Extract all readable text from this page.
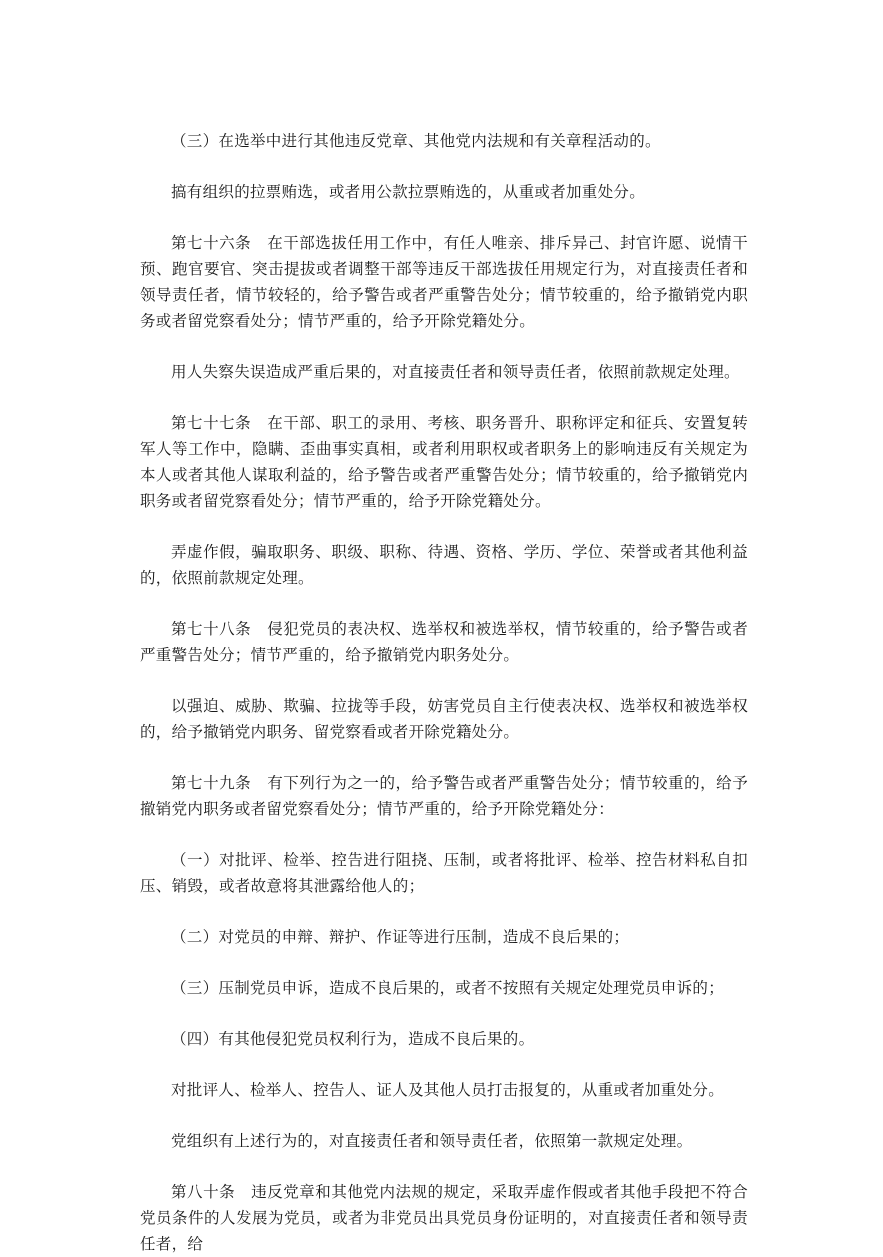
（三）在选举中进行其他违反党章、其他党内法规和有关章程活动的。

搞有组织的拉票贿选，或者用公款拉票贿选的，从重或者加重处分。

第七十六条　在干部选拔任用工作中，有任人唯亲、排斥异己、封官许愿、说情干预、跑官要官、突击提拔或者调整干部等违反干部选拔任用规定行为，对直接责任者和领导责任者，情节较轻的，给予警告或者严重警告处分；情节较重的，给予撤销党内职务或者留党察看处分；情节严重的，给予开除党籍处分。

用人失察失误造成严重后果的，对直接责任者和领导责任者，依照前款规定处理。

第七十七条　在干部、职工的录用、考核、职务晋升、职称评定和征兵、安置复转军人等工作中，隐瞒、歪曲事实真相，或者利用职权或者职务上的影响违反有关规定为本人或者其他人谋取利益的，给予警告或者严重警告处分；情节较重的，给予撤销党内职务或者留党察看处分；情节严重的，给予开除党籍处分。

弄虚作假，骗取职务、职级、职称、待遇、资格、学历、学位、荣誉或者其他利益的，依照前款规定处理。

第七十八条　侵犯党员的表决权、选举权和被选举权，情节较重的，给予警告或者严重警告处分；情节严重的，给予撤销党内职务处分。

以强迫、威胁、欺骗、拉拢等手段，妨害党员自主行使表决权、选举权和被选举权的，给予撤销党内职务、留党察看或者开除党籍处分。

第七十九条　有下列行为之一的，给予警告或者严重警告处分；情节较重的，给予撤销党内职务或者留党察看处分；情节严重的，给予开除党籍处分：

（一）对批评、检举、控告进行阻挠、压制，或者将批评、检举、控告材料私自扣压、销毁，或者故意将其泄露给他人的；

（二）对党员的申辩、辩护、作证等进行压制，造成不良后果的；

（三）压制党员申诉，造成不良后果的，或者不按照有关规定处理党员申诉的；

（四）有其他侵犯党员权利行为，造成不良后果的。

对批评人、检举人、控告人、证人及其他人员打击报复的，从重或者加重处分。

党组织有上述行为的，对直接责任者和领导责任者，依照第一款规定处理。

第八十条　违反党章和其他党内法规的规定，采取弄虚作假或者其他手段把不符合党员条件的人发展为党员，或者为非党员出具党员身份证明的，对直接责任者和领导责任者，给
